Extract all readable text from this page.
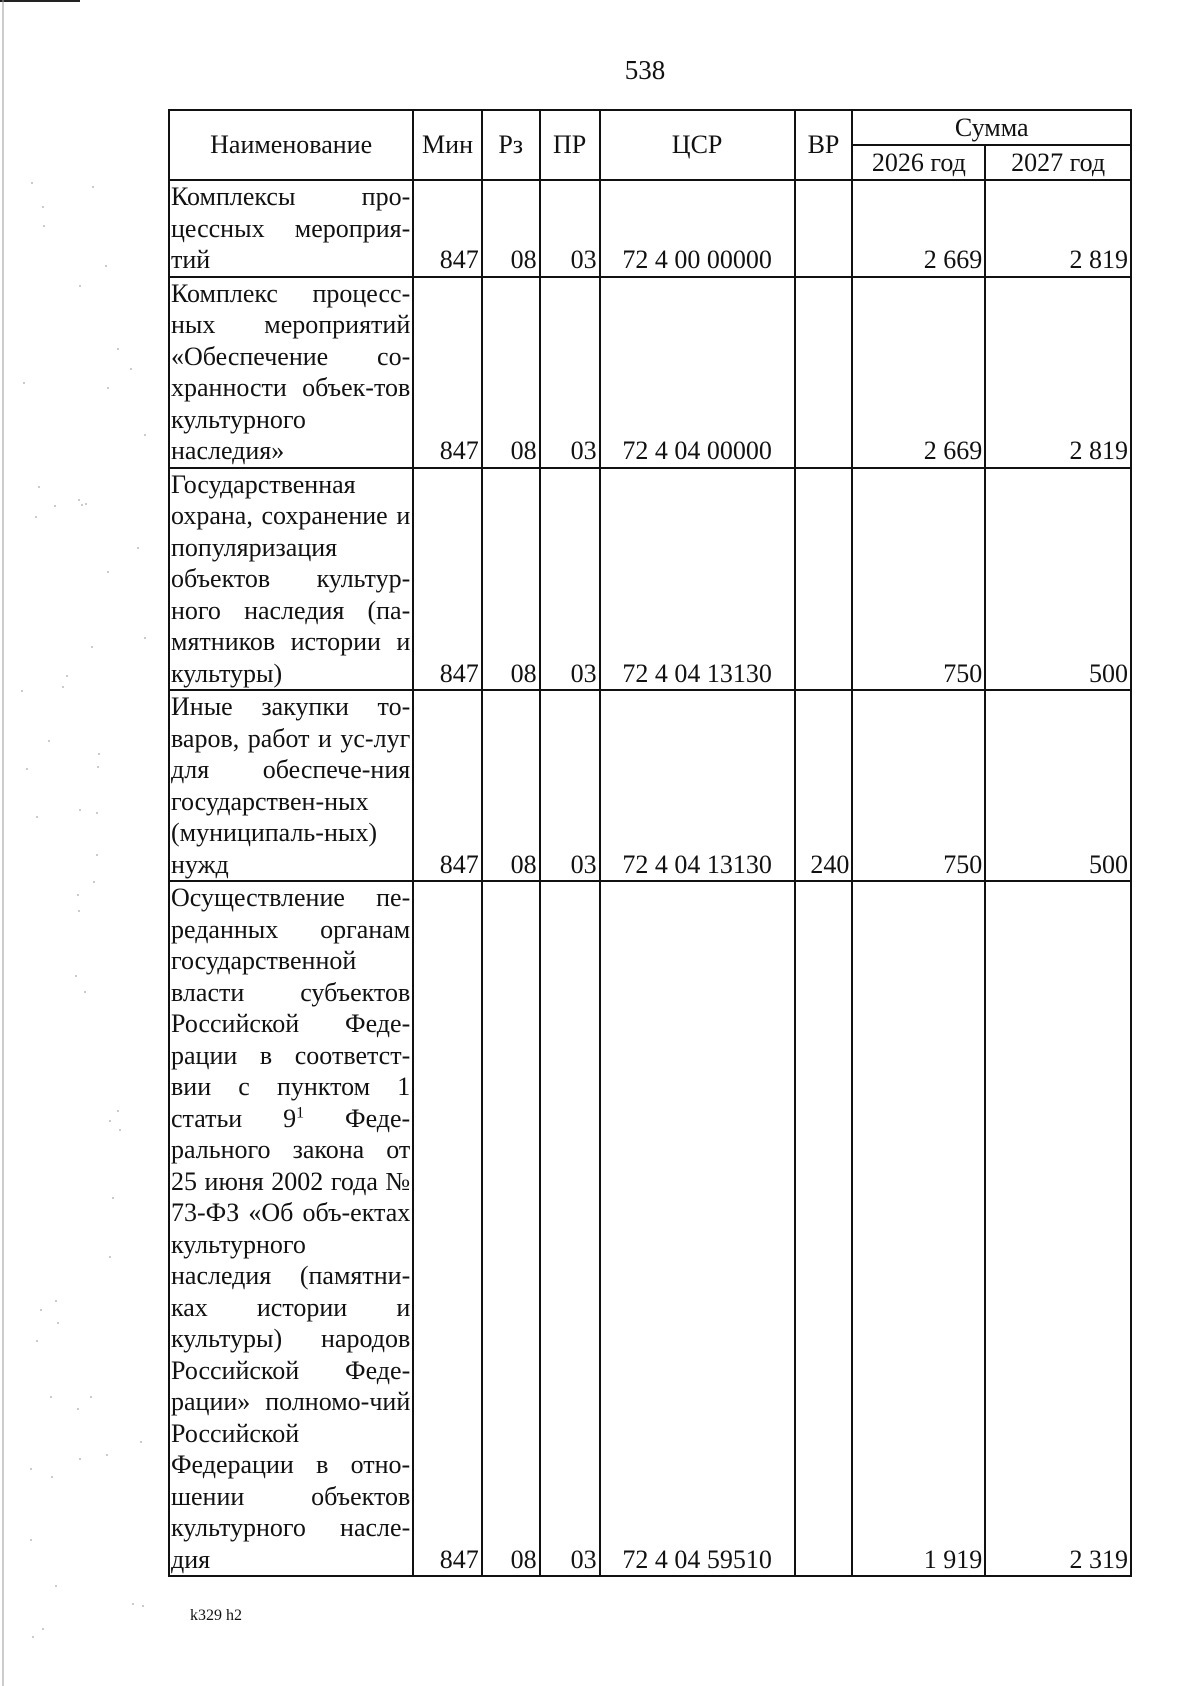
538
Наименование	Мин	Рз	ПР	ЦСР	ВР	Сумма	
						2026 год	2027 год
Комплексы про-цессных мероприя-тий	847	08	03	72 4 00 00000		2 669	2 819
Комплекс процесс-ных мероприятий «Обеспечение со-хранности объек-тов культурного наследия»	847	08	03	72 4 04 00000		2 669	2 819
Государственная охрана, сохранение и популяризация объектов культур-ного наследия (па-мятников истории и культуры)	847	08	03	72 4 04 13130		750	500
Иные закупки то-варов, работ и ус-луг для обеспече-ния государствен-ных (муниципаль-ных) нужд	847	08	03	72 4 04 13130	240	750	500
Осуществление пе-реданных органам государственной власти субъектов Российской Феде-рации в соответст-вии с пунктом 1 статьи $9^1$ Феде-рального закона от 25 июня 2002 года № 73-ФЗ «Об объ-ектах культурного наследия (памятни-ках истории и культуры) народов Российской Феде-рации» полномо-чий Российской Федерации в отно-шении объектов культурного насле-дия	847	08	03	72 4 04 59510		1 919	2 319
k329 h2
